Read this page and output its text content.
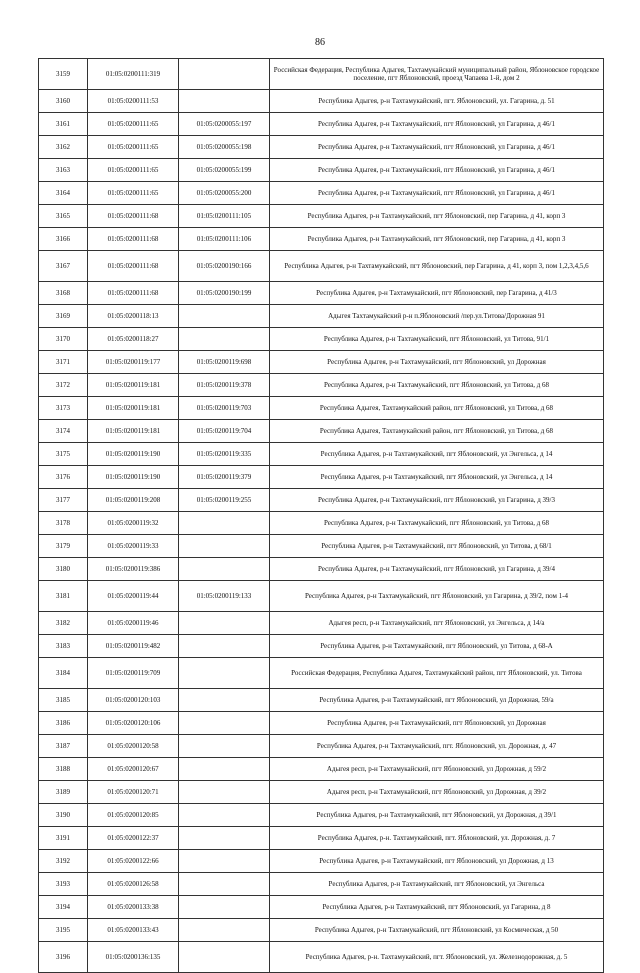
86
3159	01:05:0200111:319		Российская Федерация, Республика Адыгея, Тахтамукайский муниципальный район, Яблоновское городское поселение, пгт Яблоновский, проезд Чапаева 1-й, дом 2
3160	01:05:0200111:53		Республика Адыгея, р-н Тахтамукайский, пгт. Яблоновский, ул. Гагарина, д. 51
3161	01:05:0200111:65	01:05:0200055:197	Республика Адыгея, р-н Тахтамукайский, пгт Яблоновский, ул Гагарина, д 46/1
3162	01:05:0200111:65	01:05:0200055:198	Республика Адыгея, р-н Тахтамукайский, пгт Яблоновский, ул Гагарина, д 46/1
3163	01:05:0200111:65	01:05:0200055:199	Республика Адыгея, р-н Тахтамукайский, пгт Яблоновский, ул Гагарина, д 46/1
3164	01:05:0200111:65	01:05:0200055:200	Республика Адыгея, р-н Тахтамукайский, пгт Яблоновский, ул Гагарина, д 46/1
3165	01:05:0200111:68	01:05:0200111:105	Республика Адыгея, р-н Тахтамукайский, пгт Яблоновский, пер Гагарина, д 41, корп 3
3166	01:05:0200111:68	01:05:0200111:106	Республика Адыгея, р-н Тахтамукайский, пгт Яблоновский, пер Гагарина, д 41, корп 3
3167	01:05:0200111:68	01:05:0200190:166	Республика Адыгея, р-н Тахтамукайский, пгт Яблоновский, пер Гагарина, д 41, корп 3, пом 1,2,3,4,5,6
3168	01:05:0200111:68	01:05:0200190:199	Республика Адыгея, р-н Тахтамукайский, пгт Яблоновский, пер Гагарина, д 41/3
3169	01:05:0200118:13		Адыгея Тахтамукайский р-н п.Яблоновский /пер.ул.Титова/Дорожная 91
3170	01:05:0200118:27		Республика Адыгея, р-н Тахтамукайский, пгт Яблоновский, ул Титова, 91/1
3171	01:05:0200119:177	01:05:0200119:698	Республика Адыгея, р-н Тахтамукайский, пгт Яблоновский, ул Дорожная
3172	01:05:0200119:181	01:05:0200119:378	Республика Адыгея, р-н Тахтамукайский, пгт Яблоновский, ул Титова, д 68
3173	01:05:0200119:181	01:05:0200119:703	Республика Адыгея, Тахтамукайский район, пгт Яблоновский, ул Титова, д 68
3174	01:05:0200119:181	01:05:0200119:704	Республика Адыгея, Тахтамукайский район, пгт Яблоновский, ул Титова, д 68
3175	01:05:0200119:190	01:05:0200119:335	Республика Адыгея, р-н Тахтамукайский, пгт Яблоновский, ул Энгельса, д 14
3176	01:05:0200119:190	01:05:0200119:379	Республика Адыгея, р-н Тахтамукайский, пгт Яблоновский, ул Энгельса, д 14
3177	01:05:0200119:208	01:05:0200119:255	Республика Адыгея, р-н Тахтамукайский, пгт Яблоновский, ул Гагарина, д 39/3
3178	01:05:0200119:32		Республика Адыгея, р-н Тахтамукайский, пгт Яблоновский, ул Титова, д 68
3179	01:05:0200119:33		Республика Адыгея, р-н Тахтамукайский, пгт Яблоновский, ул Титова, д 68/1
3180	01:05:0200119:386		Республика Адыгея, р-н Тахтамукайский, пгт Яблоновский, ул Гагарина, д 39/4
3181	01:05:0200119:44	01:05:0200119:133	Республика Адыгея, р-н Тахтамукайский, пгт Яблоновский, ул Гагарина, д 39/2, пом 1-4
3182	01:05:0200119:46		Адыгея респ, р-н Тахтамукайский, пгт Яблоновский, ул Энгельса, д 14/а
3183	01:05:0200119:482		Республика Адыгея, р-н Тахтамукайский, пгт Яблоновский, ул Титова, д 68-А
3184	01:05:0200119:709		Российская Федерация, Республика Адыгея, Тахтамукайский район, пгт Яблоновский, ул. Титова
3185	01:05:0200120:103		Республика Адыгея, р-н Тахтамукайский, пгт Яблоновский, ул Дорожная, 59/а
3186	01:05:0200120:106		Республика Адыгея, р-н Тахтамукайский, пгт Яблоновский, ул Дорожная
3187	01:05:0200120:58		Республика Адыгея, р-н Тахтамукайский, пгт. Яблоновский, ул. Дорожная, д. 47
3188	01:05:0200120:67		Адыгея респ, р-н Тахтамукайский, пгт Яблоновский, ул Дорожная, д 59/2
3189	01:05:0200120:71		Адыгея респ, р-н Тахтамукайский, пгт Яблоновский, ул Дорожная, д 39/2
3190	01:05:0200120:85		Республика Адыгея, р-н Тахтамукайский, пгт Яблоновский, ул Дорожная, д 39/1
3191	01:05:0200122:37		Республика Адыгея, р-н. Тахтамукайский, пгт. Яблоновский, ул. Дорожная, д. 7
3192	01:05:0200122:66		Республика Адыгея, р-н Тахтамукайский, пгт Яблоновский, ул Дорожная, д 13
3193	01:05:0200126:58		Республика Адыгея, р-н Тахтамукайский, пгт Яблоновский, ул Энгельса
3194	01:05:0200133:38		Республика Адыгея, р-н Тахтамукайский, пгт Яблоновский, ул Гагарина, д 8
3195	01:05:0200133:43		Республика Адыгея, р-н Тахтамукайский, пгт Яблоновский, ул Космическая, д 50
3196	01:05:0200136:135		Республика Адыгея, р-н. Тахтамукайский, пгт. Яблоновский, ул. Железнодорожная, д. 5
